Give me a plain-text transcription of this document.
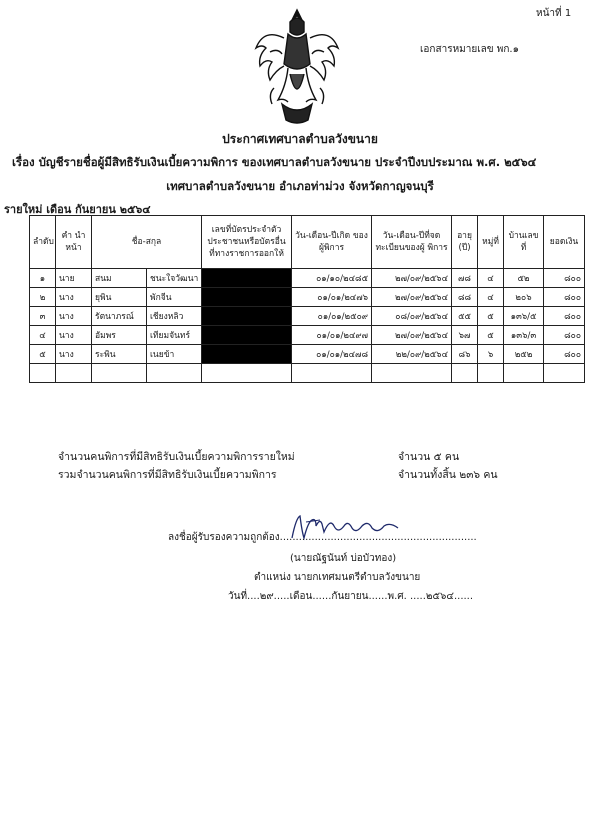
หน้าที่ 1
เอกสารหมายเลข พก.๑
ประกาศเทศบาลตำบลวังขนาย
เรื่อง บัญชีรายชื่อผู้มีสิทธิรับเงินเบี้ยความพิการ ของเทศบาลตำบลวังขนาย ประจำปีงบประมาณ พ.ศ. ๒๕๖๔
เทศบาลตำบลวังขนาย อำเภอท่าม่วง จังหวัดกาญจนบุรี
รายใหม่ เดือน กันยายน ๒๕๖๔
ลำดับ	คำ นำหน้า	ชื่อ-สกุล		เลขที่บัตรประจำตัว ประชาชนหรือบัตรอื่น ที่ทางราชการออกให้	วัน-เดือน-ปีเกิด ของผู้พิการ	วัน-เดือน-ปีที่จด ทะเบียนของผู้ พิการ	อายุ (ปี)	หมู่ที่	บ้านเลข ที่	ยอดเงิน
๑	นาย	สนม	ชนะใจวัฒนา		๐๑/๑๐/๒๔๘๕	๒๗/๐๙/๒๕๖๔	๗๘	๔	๕๒	๘๐๐
๒	นาง	ยุพิน	พักจีน		๐๑/๐๑/๒๔๗๖	๒๗/๐๙/๒๕๖๔	๘๘	๔	๒๐๖	๘๐๐
๓	นาง	รัตนาภรณ์	เชียงหลิว		๐๑/๐๑/๒๕๐๙	๐๘/๐๙/๒๕๖๔	๕๕	๕	๑๓๖/๕	๘๐๐
๔	นาง	อัมพร	เทียมจันทร์		๐๑/๐๑/๒๔๙๗	๒๗/๐๙/๒๕๖๔	๖๗	๕	๑๓๖/๓	๘๐๐
๕	นาง	ระพิน	เนยข้า		๐๑/๐๑/๒๔๗๘	๒๒/๐๙/๒๕๖๔	๘๖	๖	๒๕๒	๘๐๐

จำนวนคนพิการที่มีสิทธิรับเงินเบี้ยความพิการรายใหม่	จำนวน ๕ คน
รวมจำนวนคนพิการที่มีสิทธิรับเงินเบี้ยความพิการ	จำนวนทั้งสิ้น ๒๓๖ คน
ลงชื่อผู้รับรองความถูกต้อง..............................................................
(นายณัฐนันท์ บ่อบัวทอง)
ตำแหน่ง นายกเทศมนตรีตำบลวังขนาย
วันที่....๒๙.....เดือน......กันยายน......พ.ศ. .....๒๕๖๔......
